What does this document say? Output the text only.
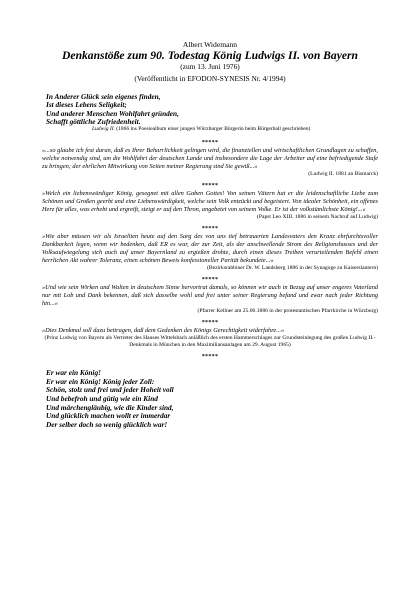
Albert Widemann

Denkanstöße zum 90. Todestag König Ludwigs II. von Bayern

(zum 13. Juni 1976)

(Veröffentlicht in EFODON-SYNESIS Nr. 4/1994)

In Anderer Glück sein eigenes finden,
Ist dieses Lebens Seligkeit;
Und anderer Menschen Wohlfahrt gründen,
Schafft göttliche Zufriedenheit.

Ludwig II. (1866 ins Poesiealbum einer jungen Würzburger Bürgerin beim Bürgerball geschrieben)

*****

»...so glaube ich fest daran, daß es Ihrer Beharrlichkeit gelingen wird, die finanziellen und wirtschaftlichen Grundlagen zu schaffen, welche notwendig sind, um die Wohlfahrt der deutschen Lande und insbesondere die Lage der Arbeiter auf eine befriedigende Stufe zu bringen; der ehrlichen Mitwirkung von Seiten meiner Regierung sind Sie gewiß...«

(Ludwig II. 1881 an Bismarck)

*****

»Welch ein liebenswürdiger König, gesegnet mit allen Gaben Gottes! Von seinen Vätern hat er die leidenschaftliche Liebe zum Schönen und Großen geerbt und eine Liebenswürdigkeit, welche sein Volk entzückt und begeistert. Von idealer Schönheit, ein offenes Herz für alles, was erhebt und ergreift, steigt er auf den Thron, angebetet von seinem Volke. Er ist der volkstümlichste König!...«

(Papst Leo XIII. 1886 in seinem Nachruf auf Ludwig)

*****

»Wie aber müssen wir als Israeliten heute auf den Sarg des von uns tief betrauerten Landesvaters den Kranz ehrfurchtsvoller Dankbarkeit legen, wenn wir bedenken, daß ER es war, der zur Zeit, als der anschwellende Strom des Religionshasses und der Volksaufwiegelung sich auch auf unser Bayernland zu ergießen drohte, durch einen dieses Treiben verurteilenden Befehl einen herrlichen Akt wahrer Toleranz, einen schönen Beweis konfessioneller Parität bekundete...«

(Bezirksrabbiner Dr. W. Landsberg 1886 in der Synagoge zu Kaiserslautern)

*****

»Und wie sein Wirken und Walten in deutschem Sinne hervortrat damals, so können wir auch in Bezug auf unser engeres Vaterland nur mit Lob und Dank bekennen, daß sich dasselbe wohl und frei unter seiner Regierung befand und zwar nach jeder Richtung hin...«

(Pfarrer Kellner am 25.06.1886 in der protestantischen Pfarrkirche in Würzburg)

*****

»Dies Denkmal soll dazu beitragen, daß dem Gedenken des Königs Gerechtigkeit widerfahre...«

(Prinz Ludwig von Bayern als Vertreter des Hauses Wittelsbach anläßlich des ersten Hammerschlages zur Grundsteinlegung des großen Ludwig II.-Denkmals in München in den Maximiliansanlagen am 29. August 1965)

*****
Er war ein König!
Er war ein König! König jeder Zoll:
Schön, stolz und frei und jeder Hoheit voll
Und bebefroh und gütig wie ein Kind
Und märchengläubig, wie die Kinder sind,
Und glücklich machen wollt er immerdar
Der selber doch so wenig glücklich war!
